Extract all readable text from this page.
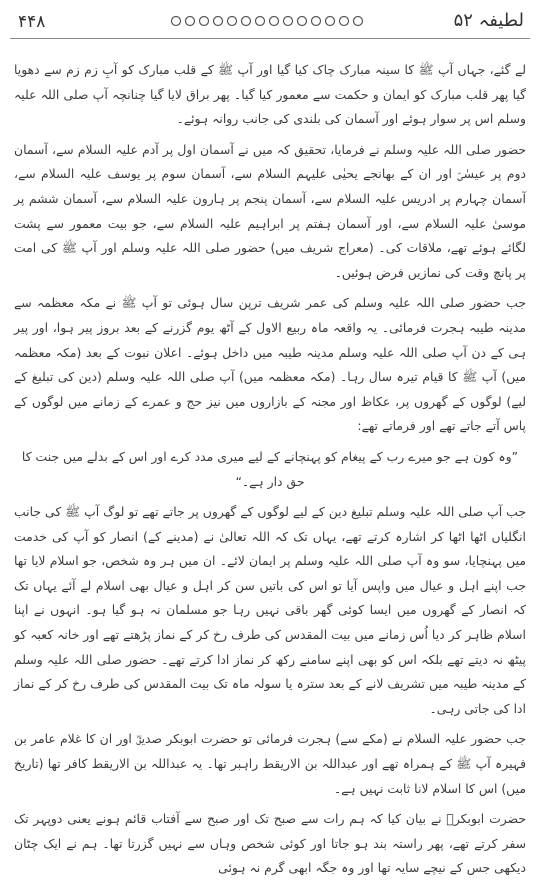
۴۴۸	لطیفہ ۵۲

لے گئے، جہاں آپ ﷺ کا سینہ مبارک چاک کیا گیا اور آپ ﷺ کے قلب مبارک کو آبِ زم زم سے دھویا گیا پھر قلب مبارک کو ایمان و حکمت سے معمور کیا گیا۔ پھر براق لایا گیا چنانچہ آپ صلی اللہ علیہ وسلم اس پر سوار ہوئے اور آسمان کی بلندی کی جانب روانہ ہوئے۔

حضور صلی اللہ علیہ وسلم نے فرمایا، تحقیق کہ میں نے آسمان اول پر آدم علیہ السلام سے، آسمان دوم پر عیسٰیؑ اور ان کے بھانجے یحیٰی علیہم السلام سے، آسمان سوم پر یوسف علیہ السلام سے، آسمان چہارم پر ادریس علیہ السلام سے، آسمان پنجم پر ہارون علیہ السلام سے، آسمان ششم پر موسیٰ علیہ السلام سے، اور آسمان ہفتم پر ابراہیم علیہ السلام سے، جو بیت معمور سے پشت لگائے ہوئے تھے، ملاقات کی۔ (معراج شریف میں) حضور صلی اللہ علیہ وسلم اور آپ ﷺ کی امت پر پانچ وقت کی نمازیں فرض ہوئیں۔

جب حضور صلی اللہ علیہ وسلم کی عمر شریف ترپن سال ہوئی تو آپ ﷺ نے مکہ معظمہ سے مدینہ طیبہ ہجرت فرمائی۔ یہ واقعہ ماہ ربیع الاول کے آٹھ یوم گزرنے کے بعد بروز پیر ہوا، اور پیر ہی کے دن آپ صلی اللہ علیہ وسلم مدینہ طیبہ میں داخل ہوئے۔ اعلان نبوت کے بعد (مکہ معظمہ میں) آپ ﷺ کا قیام تیرہ سال رہا۔ (مکہ معظمہ میں) آپ صلی اللہ علیہ وسلم (دین کی تبلیغ کے لیے) لوگوں کے گھروں پر، عکاظ اور مجنہ کے بازاروں میں نیز حج و عمرے کے زمانے میں لوگوں کے پاس آتے جاتے تھے اور فرماتے تھے:

”وہ کون ہے جو میرے رب کے پیغام کو پہنچانے کے لیے میری مدد کرے اور اس کے بدلے میں جنت کا حق دار ہے۔“

جب آپ صلی اللہ علیہ وسلم تبلیغ دین کے لیے لوگوں کے گھروں پر جاتے تھے تو لوگ آپ ﷺ کی جانب انگلیاں اٹھا اٹھا کر اشارہ کرتے تھے، یہاں تک کہ اللہ تعالیٰ نے (مدینے کے) انصار کو آپ کی خدمت میں پہنچایا، سو وہ آپ صلی اللہ علیہ وسلم پر ایمان لائے۔ ان میں ہر وہ شخص، جو اسلام لایا تھا جب اپنے اہل و عیال میں واپس آیا تو اس کی باتیں سن کر اہل و عیال بھی اسلام لے آئے یہاں تک کہ انصار کے گھروں میں ایسا کوئی گھر باقی نہیں رہا جو مسلمان نہ ہو گیا ہو۔ انہوں نے اپنا اسلام ظاہر کر دیا اُس زمانے میں بیت المقدس کی طرف رخ کر کے نماز پڑھتے تھے اور خانہ کعبہ کو پیٹھ نہ دیتے تھے بلکہ اس کو بھی اپنے سامنے رکھ کر نماز ادا کرتے تھے۔ حضور صلی اللہ علیہ وسلم کے مدینہ طیبہ میں تشریف لانے کے بعد سترہ یا سولہ ماہ تک بیت المقدس کی طرف رخ کر کے نماز ادا کی جاتی رہی۔

جب حضور علیہ السلام نے (مکے سے) ہجرت فرمائی تو حضرت ابوبکر صدیقؓ اور ان کا غلام عامر بن فہیرہ آپ ﷺ کے ہمراہ تھے اور عبداللہ بن الاریقط راہبر تھا۔ یہ عبداللہ بن الاریقط کافر تھا (تاریخ میں) اس کا اسلام لانا ثابت نہیں ہے۔

حضرت ابوبکرؓ نے بیان کیا کہ ہم رات سے صبح تک اور صبح سے آفتاب قائم ہونے یعنی دوپہر تک سفر کرتے تھے، پھر راستہ بند ہو جاتا اور کوئی شخص وہاں سے نہیں گزرتا تھا۔ ہم نے ایک چٹان دیکھی جس کے نیچے سایہ تھا اور وہ جگہ ابھی گرم نہ ہوئی
